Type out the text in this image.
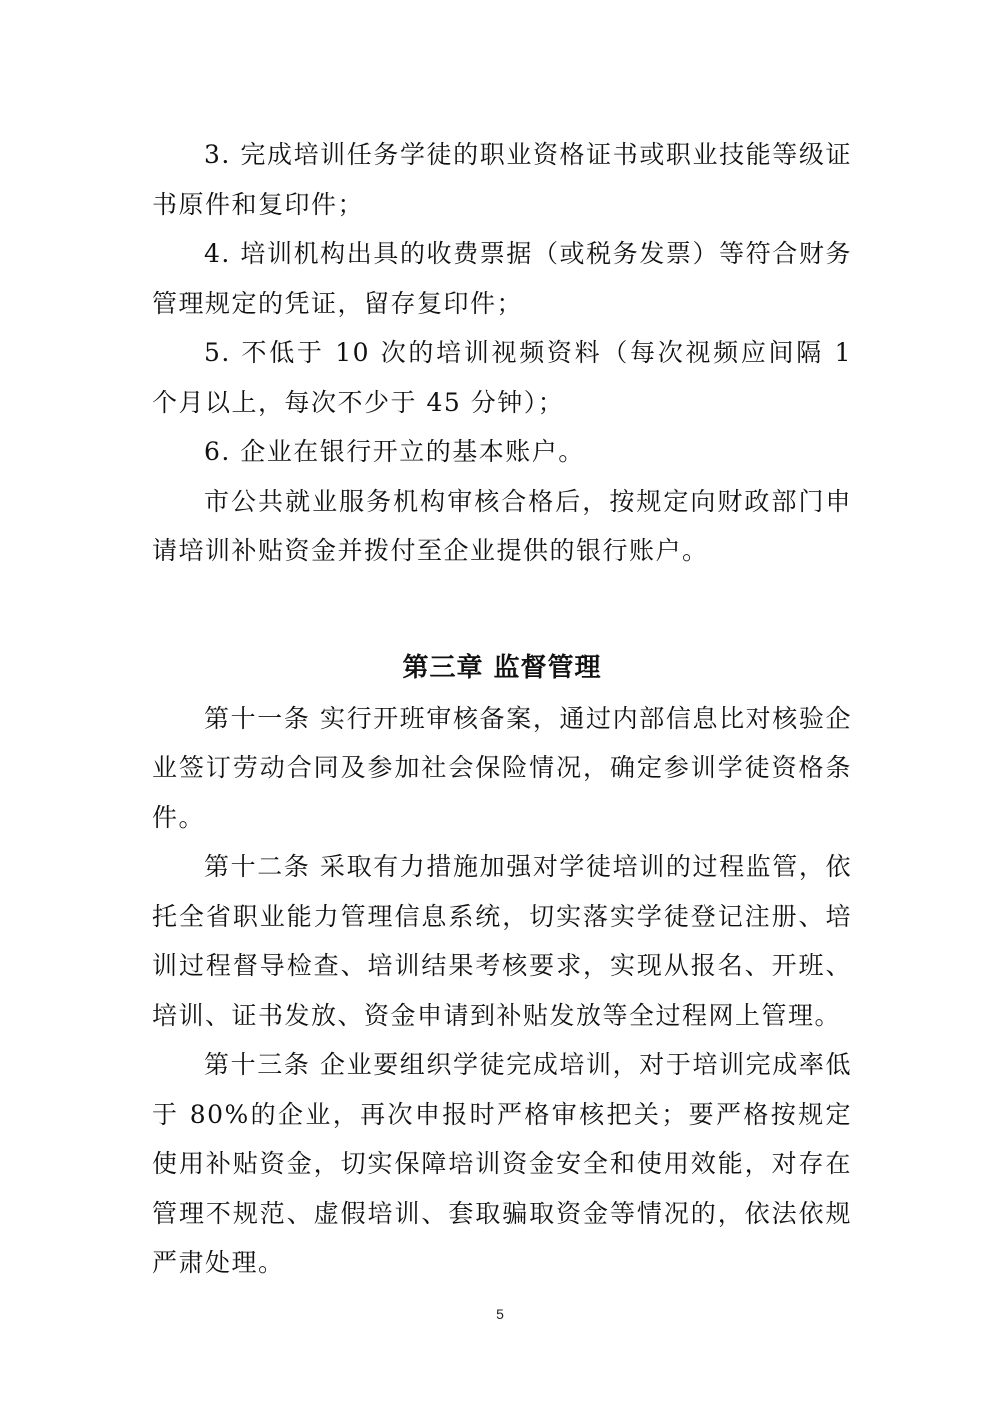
3. 完成培训任务学徒的职业资格证书或职业技能等级证书原件和复印件；

4. 培训机构出具的收费票据（或税务发票）等符合财务管理规定的凭证，留存复印件；

5. 不低于 10 次的培训视频资料（每次视频应间隔 1 个月以上，每次不少于 45 分钟）；

6. 企业在银行开立的基本账户。

市公共就业服务机构审核合格后，按规定向财政部门申请培训补贴资金并拨付至企业提供的银行账户。

第三章 监督管理

第十一条 实行开班审核备案，通过内部信息比对核验企业签订劳动合同及参加社会保险情况，确定参训学徒资格条件。

第十二条 采取有力措施加强对学徒培训的过程监管，依托全省职业能力管理信息系统，切实落实学徒登记注册、培训过程督导检查、培训结果考核要求，实现从报名、开班、培训、证书发放、资金申请到补贴发放等全过程网上管理。

第十三条 企业要组织学徒完成培训，对于培训完成率低于 80%的企业，再次申报时严格审核把关；要严格按规定使用补贴资金，切实保障培训资金安全和使用效能，对存在管理不规范、虚假培训、套取骗取资金等情况的，依法依规严肃处理。

5
